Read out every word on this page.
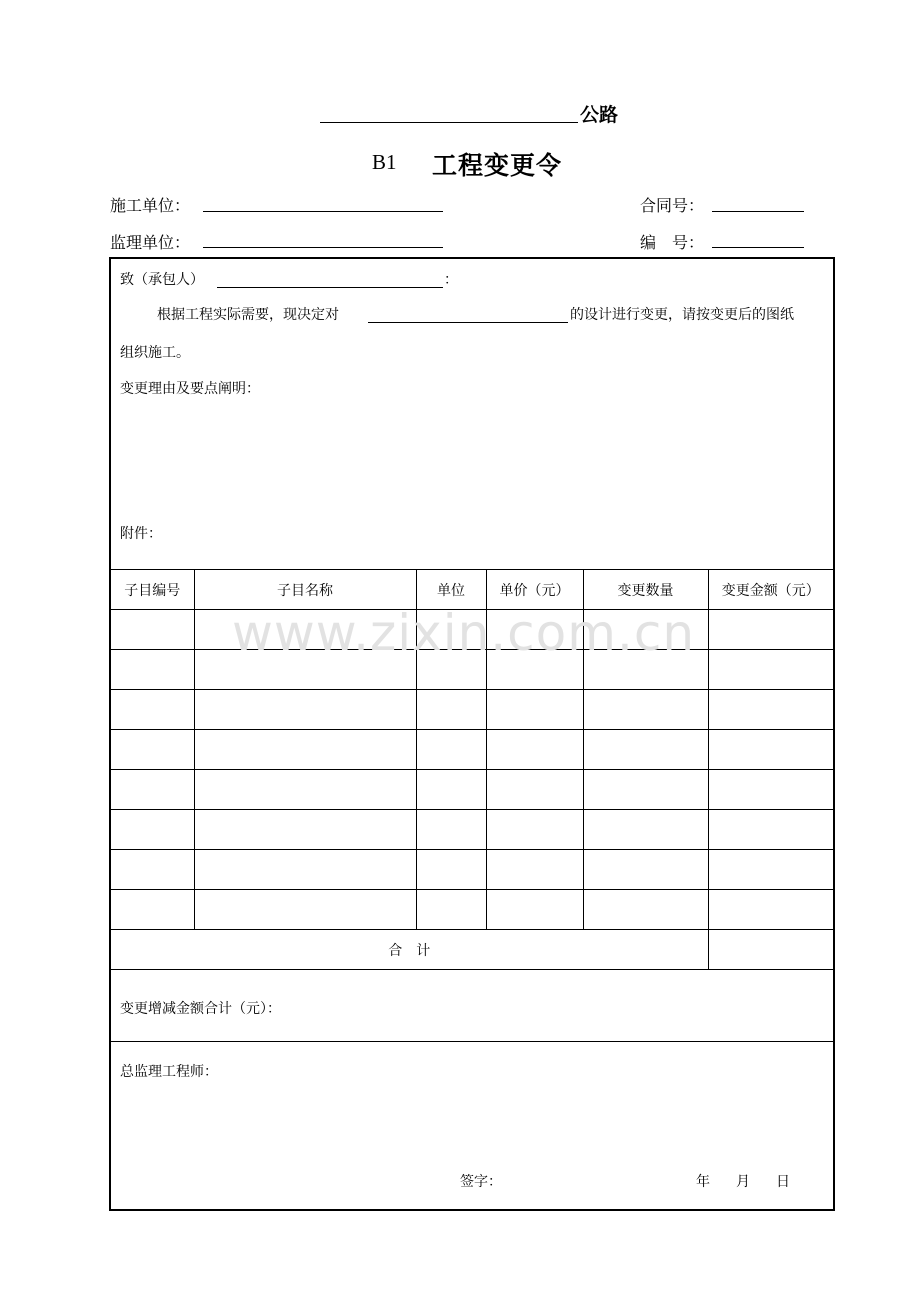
公路
B1 工程变更令
施工单位：	合同号：
监理单位：	编　号：
致（承包人）	：
根据工程实际需要，现决定对	的设计进行变更，请按变更后的图纸
组织施工。
变更理由及要点阐明：
附件：
子目编号	子目名称	单位	单价（元）	变更数量	变更金额（元）

合　计					
变更增减金额合计（元）：
总监理工程师：
签字：	年 月 日
www.zixin.com.cn
